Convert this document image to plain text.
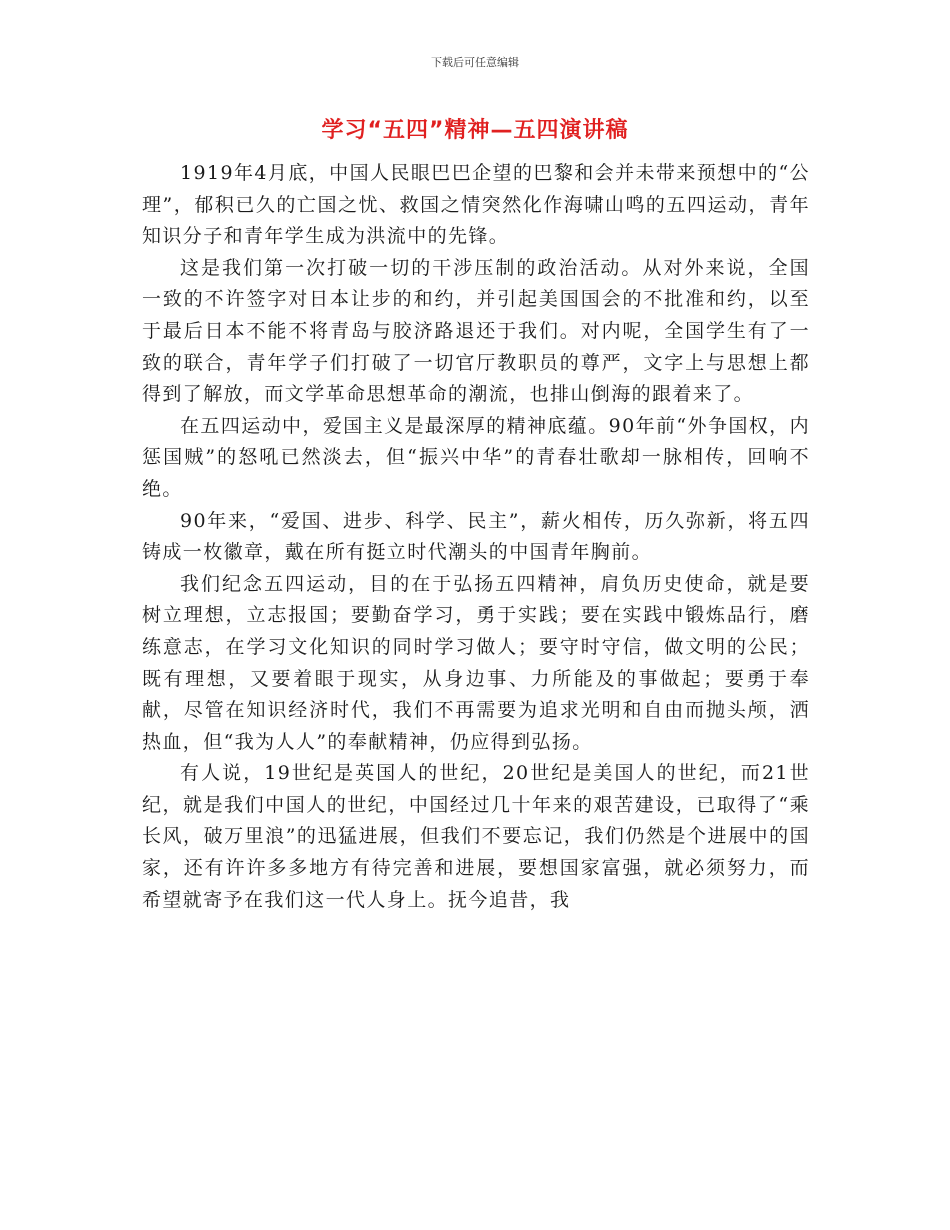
下载后可任意编辑
学习“五四”精神—五四演讲稿

1919年4月底，中国人民眼巴巴企望的巴黎和会并未带来预想中的“公理”，郁积已久的亡国之忧、救国之情突然化作海啸山鸣的五四运动，青年知识分子和青年学生成为洪流中的先锋。

这是我们第一次打破一切的干涉压制的政治活动。从对外来说，全国一致的不许签字对日本让步的和约，并引起美国国会的不批准和约，以至于最后日本不能不将青岛与胶济路退还于我们。对内呢，全国学生有了一致的联合，青年学子们打破了一切官厅教职员的尊严，文字上与思想上都得到了解放，而文学革命思想革命的潮流，也排山倒海的跟着来了。

在五四运动中，爱国主义是最深厚的精神底蕴。90年前“外争国权，内惩国贼”的怒吼已然淡去，但“振兴中华”的青春壮歌却一脉相传，回响不绝。

90年来，“爱国、进步、科学、民主”，薪火相传，历久弥新，将五四铸成一枚徽章，戴在所有挺立时代潮头的中国青年胸前。

我们纪念五四运动，目的在于弘扬五四精神，肩负历史使命，就是要树立理想，立志报国；要勤奋学习，勇于实践；要在实践中锻炼品行，磨练意志，在学习文化知识的同时学习做人；要守时守信，做文明的公民；既有理想，又要着眼于现实，从身边事、力所能及的事做起；要勇于奉献，尽管在知识经济时代，我们不再需要为追求光明和自由而抛头颅，洒热血，但“我为人人”的奉献精神，仍应得到弘扬。

有人说，19世纪是英国人的世纪，20世纪是美国人的世纪，而21世纪，就是我们中国人的世纪，中国经过几十年来的艰苦建设，已取得了“乘长风，破万里浪”的迅猛进展，但我们不要忘记，我们仍然是个进展中的国家，还有许许多多地方有待完善和进展，要想国家富强，就必须努力，而希望就寄予在我们这一代人身上。抚今追昔，我
